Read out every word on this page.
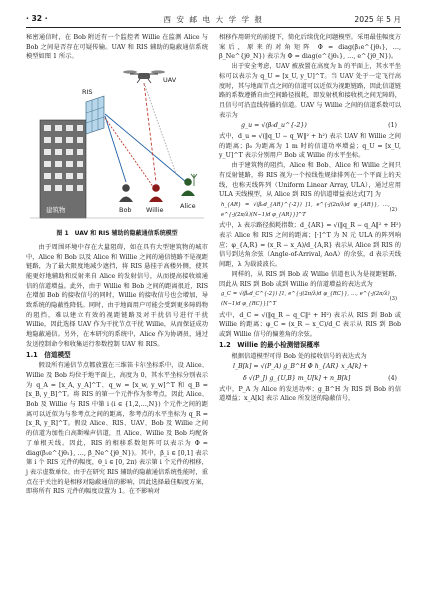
· 32 ·	西 安 邮 电 大 学 学 报	2025 年 5 月

秘密通信时，在 Bob 附近有一个监控者 Willie 在监测 Alice 与 Bob 之间是否存在可疑传输。UAV 和 RIS 辅助的隐蔽通信系统模型如图 1 所示。

UAV
建筑物
RIS
Bob Willie	Alice

图 1　UAV 和 RIS 辅助的隐蔽通信系统模型

由于周围环境中存在大量阻碍，如在具有大型建筑物的城市中，Alice 和 Bob 以及 Alice 和 Willie 之间的通信链路不是视距链路，为了最大限度地减少遮挡，将 RIS 悬挂于高楼外侧，使其能更好地辅助和反射来自 Alice 的发射信号，从而提高接收端通信的信道增益。此外，由于 Willie 和 Bob 之间的距离很近，RIS 在增加 Bob 的接收信号的同时，Willie 的接收信号也会增加，导致系统的隐蔽性降低。同时，由于地面用户可能会受到更多障碍物的阻挡，难以建立有效的视距链路及对干扰信号进行干扰 Willie，因此选择 UAV 作为干扰节点干扰 Willie，从而保证成功地隐蔽通信。另外，在本研究的系统中，Alice 作为协调员，通过发送控制命令和收集运行参数控制 UAV 和 RIS。

1.1　信道模型

假设所有通信节点都放置在三维笛卡尔坐标系中，设 Alice、Willie 及 Bob 均位于地平面上，高度为 0，其水平坐标分别表示为 q_A = [x_A, y_A]^T、q_w = [x_w, y_w]^T 和 q_B = [x_B, y_B]^T。将 RIS 的第一个元件作为参考点，因此 Alice、Bob 及 Willie 与 RIS 中第 i (i ∈ {1,2,…,N}) 个元件之间的距离可以近似为与参考点之间的距离，参考点的水平坐标为 q_R = [x_R, y_R]^T。假设 Alice、RIS、UAV、Bob 及 Willie 之间的信道为加性白高斯噪声信道，且 Alice、Willie 及 Bob 均配备了单根天线。因此，RIS 的相移系数矩阵可以表示为 Φ = diag(β₁e^{jθ₁}, …, β_Ne^{jθ_N})。其中，β_i ∈ [0,1] 表示第 i 个 RIS 元件的幅度，θ_i ∈ [0, 2π) 表示第 i 个元件的相移，j 表示虚数单位。由于在研究 RIS 辅助的隐蔽通信系统性能时，重点在于关注的是相移对隐蔽通信的影响，因此选择最佳幅度方案，即将所有 RIS 元件的幅度设置为 1。在不影响对

相移作用研究的前提下，简化后续优化问题模型。采用最佳幅度方案后，原来的对角矩阵 Φ = diag(β₁e^{jθ₁}, …, β_Ne^{jθ_N}) 表示为 Φ = diag(e^{jθ₁}, …, e^{jθ_N})。

出于安全考虑，UAV 被放置在高度为 h 的平面上，其水平坐标可以表示为 q_U = [x_U, y_U]^T。当 UAV 处于一定飞行高度时，其与地面节点之间的信道可以近似为视距链路，因此信道链路的系数遵循自由空间路径损耗，即发射机和接收机之间无障碍，且信号可沿直线传播的信道。UAV 与 Willie 之间的信道系数可以表示为

g_u = √(β₀d_u^{-2})	(1)

式中，d_u = √(‖q_U − q_W‖² + h²) 表示 UAV 和 Willie 之间的距离；β₀ 为距离为 1 m 时的信道功率增益；q_U = [x_U, y_U]^T 表示分别用户 Bob 或 Willie 的水平坐标。

由于建筑物的阻挡，Alice 和 Bob、Alice 和 Willie 之间只有反射链路，将 RIS 视为一个按线性规律排列在一个平面上的天线，也称天线阵列（Uniform Linear Array, ULA），通过应用 ULA 天线模型，从 Alice 到 RIS 的信道增益表达式[7] 为

h_{AR} = √(β₀d_{AR}^{-2}) [1, e^{-j(2π/λ)d φ_{AR}}, …, e^{-j(2π/λ)(N−1)d φ_{AR}}]^T
(2)

式中，λ 表示路径损耗指数；d_{AR} = √(‖q_R − q_A‖² + H²) 表示 Alice 和 RIS 之间的距离；[·]^T 为 N 元 ULA 的阵列响应；φ_{A,R} = (x_R − x_A)/d_{A,R} 表示从 Alice 到 RIS 的信号到达角余弦（Angle-of-Arrival, AoA）的余弦，d 表示天线间距，λ 为载波波长。

同样的，从 RIS 到 Bob 或 Willie 信道也认为是视距链路，因此从 RIS 到 Bob 或到 Willie 的信道增益的表达式为

g_C = √(β₀d_C^{-2}) [1, e^{-j(2π/λ)d φ_{RC}}, …, e^{-j(2π/λ)(N−1)d φ_{RC}}]^T
(3)

式中，d_C = √(‖q_R − q_C‖² + H²) 表示从 RIS 到 Bob 或 Willie 的距离；φ_C = (x_R − x_C)/d_C 表示从 RIS 到 Bob 或到 Willie 信号的偏差角的余弦。

1.2　Willie 的最小检测错误概率

根据信道模型可得 Bob 处的接收信号的表达式为

l_B[k] = √(P_A) g_B^H Φ h_{AR} x_A[k] +
δ √(P_J) g_{U,B} m_U[k] + n_B[k]	(4)

式中，P_A 为 Alice 的发送功率；g_B^H 为 RIS 到 Bob 的信道增益；x_A[k] 表示 Alice 所发送的隐蔽信号，
